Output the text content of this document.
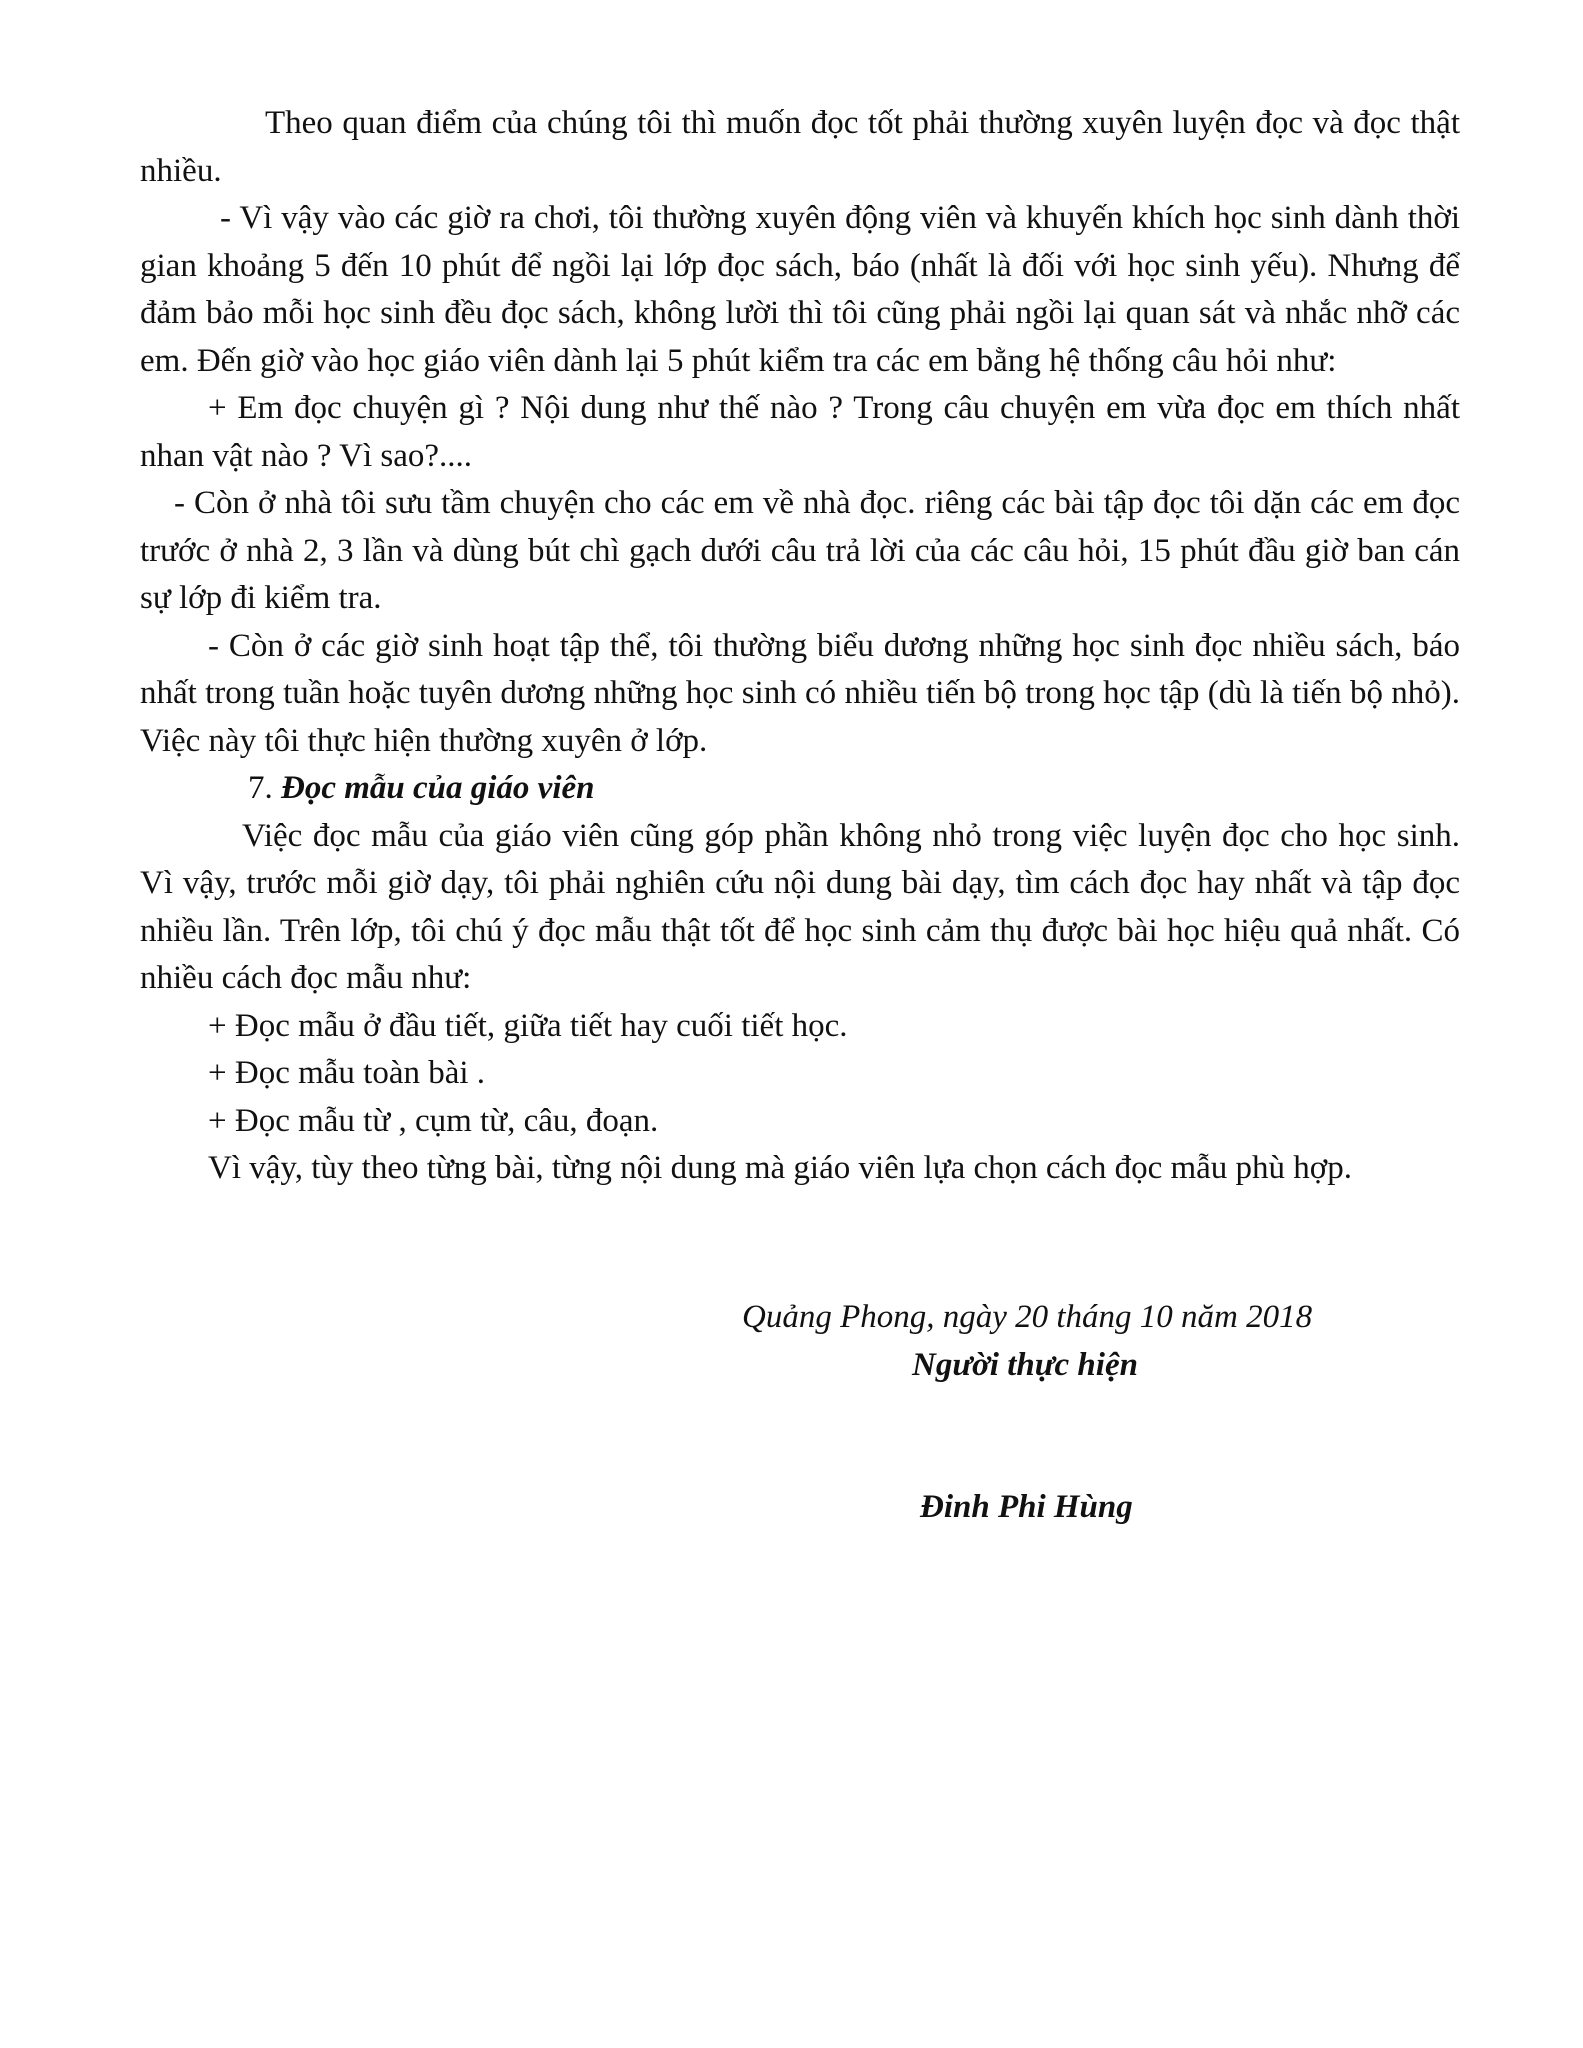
Theo quan điểm của chúng tôi thì muốn đọc tốt phải thường xuyên luyện đọc và đọc thật nhiều.

- Vì vậy vào các giờ ra chơi, tôi thường xuyên động viên và khuyến khích học sinh dành thời gian khoảng 5 đến 10 phút để ngồi lại lớp đọc sách, báo (nhất là đối với học sinh yếu). Nhưng để đảm bảo mỗi học sinh đều đọc sách, không lười thì tôi cũng phải ngồi lại quan sát và nhắc nhỡ các em. Đến giờ vào học giáo viên dành lại 5 phút kiểm tra các em bằng hệ thống câu hỏi như:

+ Em đọc chuyện gì ? Nội dung như thế nào ? Trong câu chuyện em vừa đọc em thích nhất nhan vật nào ? Vì sao?....

- Còn ở nhà tôi sưu tầm chuyện cho các em về nhà đọc. riêng các bài tập đọc tôi dặn các em đọc trước ở nhà 2, 3 lần và dùng bút chì gạch dưới câu trả lời của các câu hỏi, 15 phút đầu giờ ban cán sự lớp đi kiểm tra.

- Còn ở các giờ sinh hoạt tập thể, tôi thường biểu dương những học sinh đọc nhiều sách, báo nhất trong tuần hoặc tuyên dương những học sinh có nhiều tiến bộ trong học tập (dù là tiến bộ nhỏ). Việc này tôi thực hiện thường xuyên ở lớp.

7. Đọc mẫu của giáo viên

Việc đọc mẫu của giáo viên cũng góp phần không nhỏ trong việc luyện đọc cho học sinh. Vì vậy, trước mỗi giờ dạy, tôi phải nghiên cứu nội dung bài dạy, tìm cách đọc hay nhất và tập đọc nhiều lần. Trên lớp, tôi chú ý đọc mẫu thật tốt để học sinh cảm thụ được bài học hiệu quả nhất. Có nhiều cách đọc mẫu như:

+ Đọc mẫu ở đầu tiết, giữa tiết hay cuối tiết học.

+ Đọc mẫu toàn bài .

+ Đọc mẫu từ , cụm từ, câu, đoạn.

Vì vậy, tùy theo từng bài, từng nội dung mà giáo viên lựa chọn cách đọc mẫu phù hợp.

Quảng Phong, ngày 20 tháng 10 năm 2018
Người thực hiện
Đinh Phi Hùng
